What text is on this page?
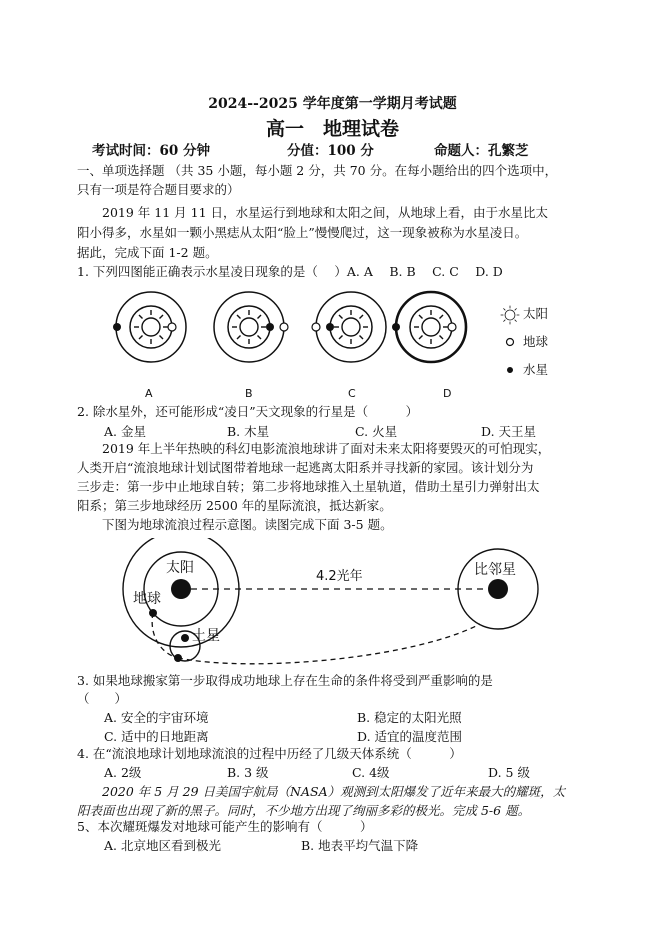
2024--2025 学年度第一学期月考试题
高一　地理试卷
考试时间：60 分钟	分值：100 分	命题人：孔繁芝
一、单项选择题 （共 35 小题，每小题 2 分，共 70 分。在每小题给出的四个选项中，
只有一项是符合题目要求的）
　　2019 年 11 月 11 日，水星运行到地球和太阳之间，从地球上看，由于水星比太
阳小得多，水星如一颗小黑痣从太阳“脸上”慢慢爬过，这一现象被称为水星凌日。
据此，完成下面 1-2 题。
1. 下列四图能正确表示水星凌日现象的是（　 ）A. A　 B. B　 C. C　 D. D
太阳
地球
水星
A	B	C	D
2. 除水星外，还可能形成“凌日”天文现象的行星是（　　　）
A. 金星	B. 木星	C. 火星	D. 天王星
　　2019 年上半年热映的科幻电影流浪地球讲了面对未来太阳将要毁灭的可怕现实，
人类开启“流浪地球计划试图带着地球一起逃离太阳系并寻找新的家园。该计划分为
三步走：第一步中止地球自转；第二步将地球推入土星轨道，借助土星引力弹射出太
阳系；第三步地球经历 2500 年的星际流浪，抵达新家。
　　下图为地球流浪过程示意图。读图完成下面 3-5 题。
太阳
地球
土星
比邻星
4.2光年
3. 如果地球搬家第一步取得成功地球上存在生命的条件将受到严重影响的是
（　　）
A. 安全的宇宙环境	B. 稳定的太阳光照
C. 适中的日地距离	D. 适宜的温度范围
4. 在“流浪地球计划地球流浪的过程中历经了几级天体系统（　　　）
A. 2级	B. 3 级	C. 4级	D. 5 级
　　2020 年 5 月 29 日美国宇航局（NASA）观测到太阳爆发了近年来最大的耀斑，太
阳表面也出现了新的黑子。同时，不少地方出现了绚丽多彩的极光。完成 5-6 题。
5、本次耀斑爆发对地球可能产生的影响有（　　　）
A. 北京地区看到极光	B. 地表平均气温下降
